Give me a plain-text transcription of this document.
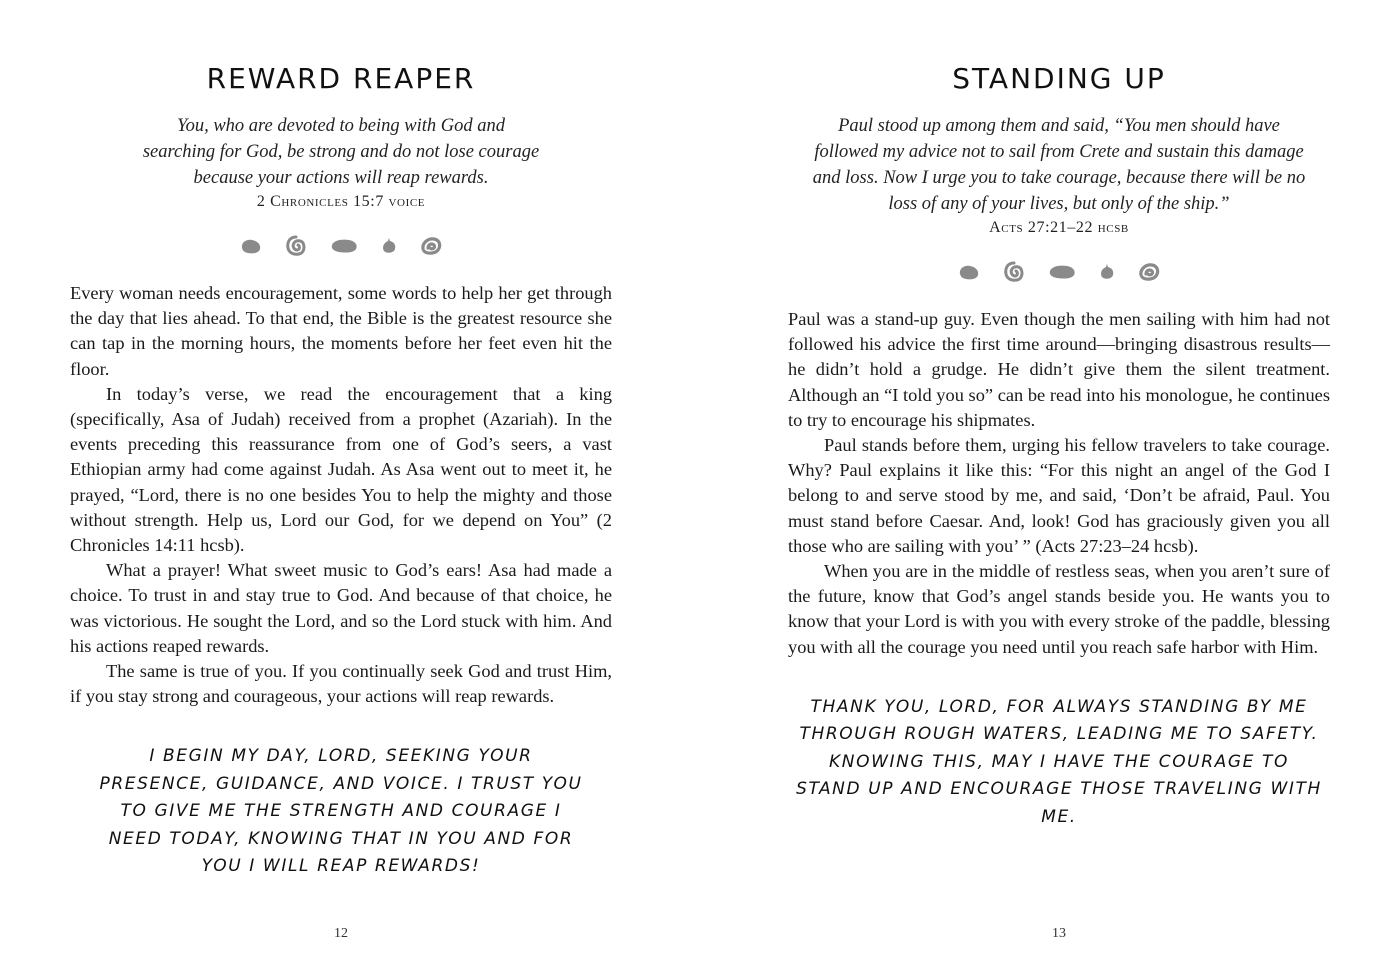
REWARD REAPER
You, who are devoted to being with God and searching for God, be strong and do not lose courage because your actions will reap rewards.
2 Chronicles 15:7 voice

Every woman needs encouragement, some words to help her get through the day that lies ahead. To that end, the Bible is the greatest resource she can tap in the morning hours, the moments before her feet even hit the floor.

In today’s verse, we read the encouragement that a king (specifically, Asa of Judah) received from a prophet (Azariah). In the events preceding this reassurance from one of God’s seers, a vast Ethiopian army had come against Judah. As Asa went out to meet it, he prayed, “Lord, there is no one besides You to help the mighty and those without strength. Help us, Lord our God, for we depend on You” (2 Chronicles 14:11 hcsb).

What a prayer! What sweet music to God’s ears! Asa had made a choice. To trust in and stay true to God. And because of that choice, he was victorious. He sought the Lord, and so the Lord stuck with him. And his actions reaped rewards.

The same is true of you. If you continually seek God and trust Him, if you stay strong and courageous, your actions will reap rewards.

I BEGIN MY DAY, LORD, SEEKING YOUR PRESENCE, GUIDANCE, AND VOICE. I TRUST YOU TO GIVE ME THE STRENGTH AND COURAGE I NEED TODAY, KNOWING THAT IN YOU AND FOR YOU I WILL REAP REWARDS!
12
STANDING UP
Paul stood up among them and said, “You men should have followed my advice not to sail from Crete and sustain this damage and loss. Now I urge you to take courage, because there will be no loss of any of your lives, but only of the ship.”
Acts 27:21–22 hcsb

Paul was a stand-up guy. Even though the men sailing with him had not followed his advice the first time around—bringing disastrous results—he didn’t hold a grudge. He didn’t give them the silent treatment. Although an “I told you so” can be read into his monologue, he continues to try to encourage his shipmates.

Paul stands before them, urging his fellow travelers to take courage. Why? Paul explains it like this: “For this night an angel of the God I belong to and serve stood by me, and said, ‘Don’t be afraid, Paul. You must stand before Caesar. And, look! God has graciously given you all those who are sailing with you’ ” (Acts 27:23–24 hcsb).

When you are in the middle of restless seas, when you aren’t sure of the future, know that God’s angel stands beside you. He wants you to know that your Lord is with you with every stroke of the paddle, blessing you with all the courage you need until you reach safe harbor with Him.

THANK YOU, LORD, FOR ALWAYS STANDING BY ME THROUGH ROUGH WATERS, LEADING ME TO SAFETY. KNOWING THIS, MAY I HAVE THE COURAGE TO STAND UP AND ENCOURAGE THOSE TRAVELING WITH ME.
13
